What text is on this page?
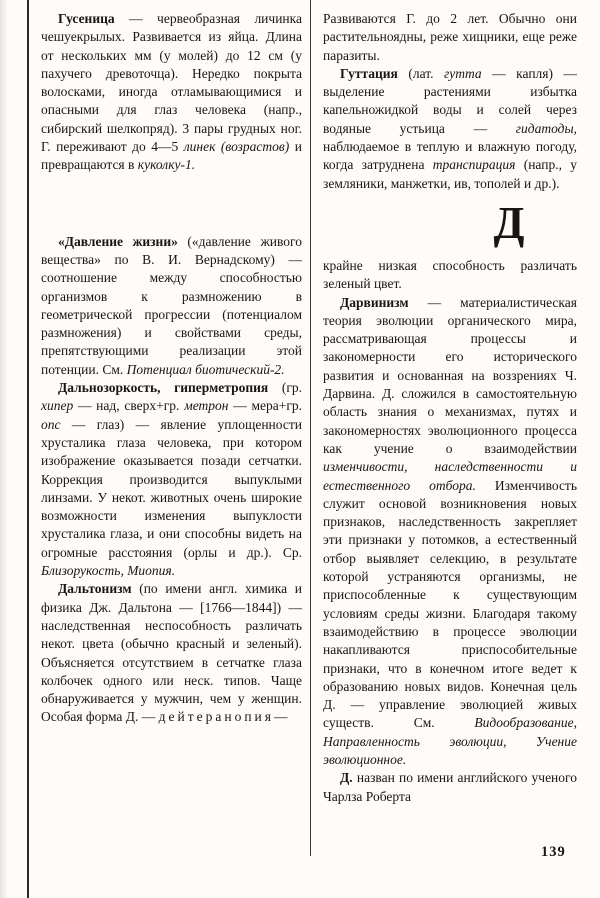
Гусеница — червеобразная личинка чешуекрылых. Развивается из яйца. Длина от нескольких мм (у молей) до 12 см (у пахучего древоточца). Нередко покрыта волосками, иногда отламывающимися и опасными для глаз человека (напр., сибирский шелкопряд). 3 пары грудных ног. Г. переживают до 4—5 линек (возрастов) и превращаются в куколку-1.

«Давление жизни» («давление живого вещества» по В. И. Вернадскому) — соотношение между способностью организмов к размножению в геометрической прогрессии (потенциалом размножения) и свойствами среды, препятствующими реализации этой потенции. См. Потенциал биотический-2.

Дальнозоркость, гиперметропия (гр. хипер — над, сверх+гр. метрон — мера+гр. опс — глаз) — явление уплощенности хрусталика глаза человека, при котором изображение оказывается позади сетчатки. Коррекция производится выпуклыми линзами. У некот. животных очень широкие возможности изменения выпуклости хрусталика глаза, и они способны видеть на огромные расстояния (орлы и др.). Ср. Близорукость, Миопия.

Дальтонизм (по имени англ. химика и физика Дж. Дальтона — [1766—1844]) — наследственная неспособность различать некот. цвета (обычно красный и зеленый). Объясняется отсутствием в сетчатке глаза колбочек одного или неск. типов. Чаще обнаруживается у мужчин, чем у женщин. Особая форма Д. — дейтеранопия—

Развиваются Г. до 2 лет. Обычно они растительноядны, реже хищники, еще реже паразиты.

Гуттация (лат. гутта — капля) — выделение растениями избытка капельножидкой воды и солей через водяные устьица — гидатоды, наблюдаемое в теплую и влажную погоду, когда затруднена транспирация (напр., у земляники, манжетки, ив, тополей и др.).

Д

крайне низкая способность различать зеленый цвет.

Дарвинизм — материалистическая теория эволюции органического мира, рассматривающая процессы и закономерности его исторического развития и основанная на воззрениях Ч. Дарвина. Д. сложился в самостоятельную область знания о механизмах, путях и закономерностях эволюционного процесса как учение о взаимодействии изменчивости, наследственности и естественного отбора. Изменчивость служит основой возникновения новых признаков, наследственность закрепляет эти признаки у потомков, а естественный отбор выявляет селекцию, в результате которой устраняются организмы, не приспособленные к существующим условиям среды жизни. Благодаря такому взаимодействию в процессе эволюции накапливаются приспособительные признаки, что в конечном итоге ведет к образованию новых видов. Конечная цель Д. — управление эволюцией живых существ. См. Видообразование, Направленность эволюции, Учение эволюционное.

Д. назван по имени английского ученого Чарлза Роберта

139
